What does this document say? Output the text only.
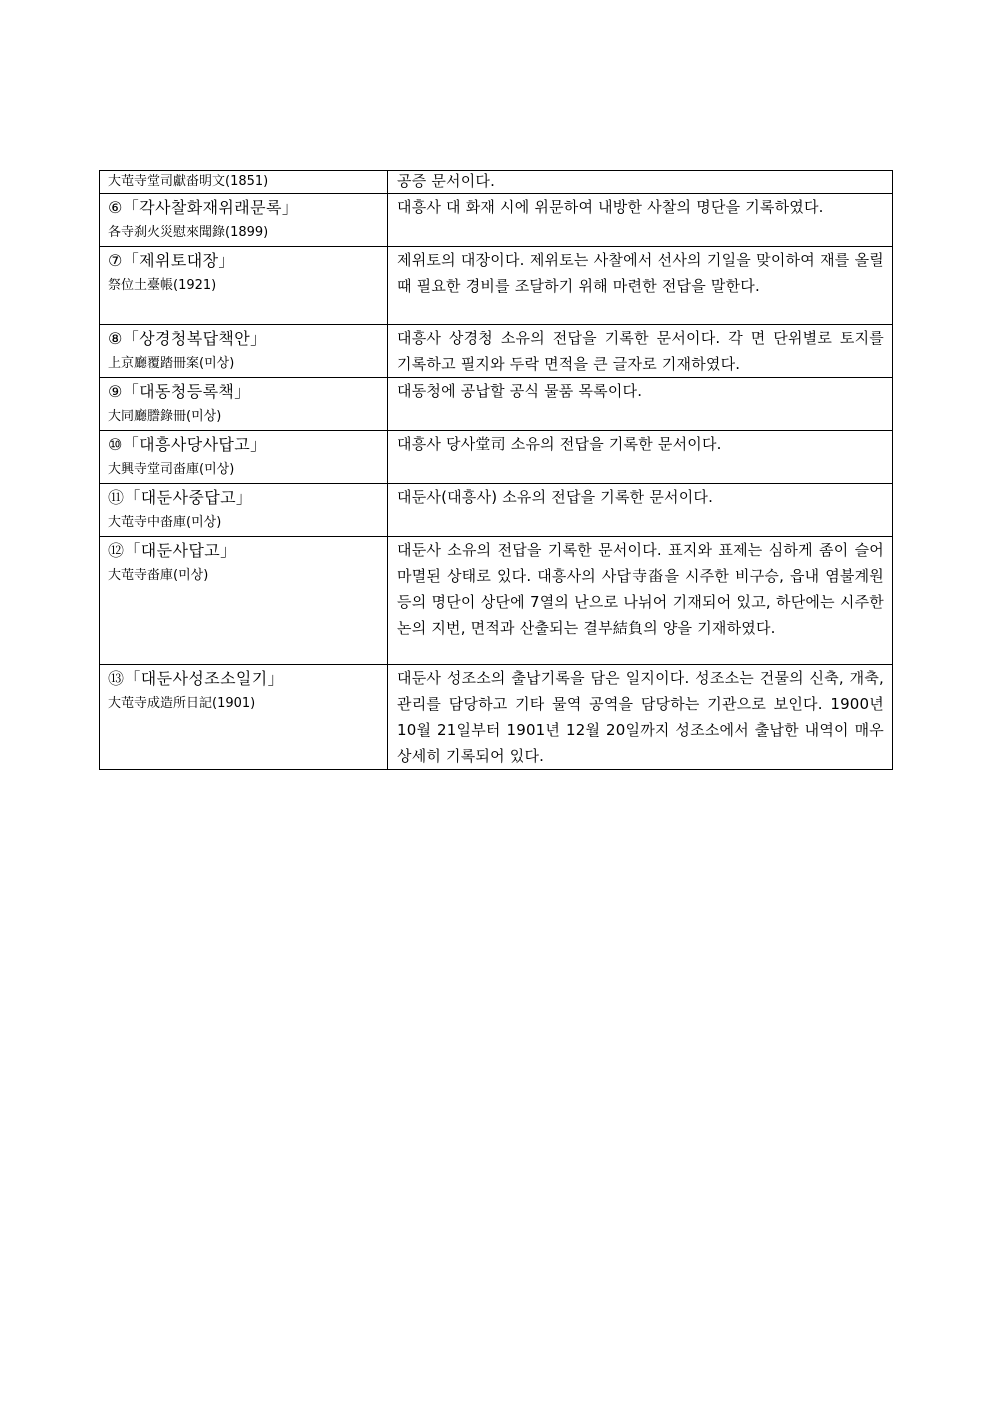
大芚寺堂司獻畓明文(1851)	공증 문서이다.

⑥「각사찰화재위래문록」
各寺刹火災慰來聞錄(1899)	대흥사 대 화재 시에 위문하여 내방한 사찰의 명단을 기록하였다.

⑦「제위토대장」
祭位土臺帳(1921)	제위토의 대장이다. 제위토는 사찰에서 선사의 기일을 맞이하여 재를 올릴 때 필요한 경비를 조달하기 위해 마련한 전답을 말한다.

⑧「상경청복답책안」
上京廳覆踏冊案(미상)	대흥사 상경청 소유의 전답을 기록한 문서이다. 각 면 단위별로 토지를 기록하고 필지와 두락 면적을 큰 글자로 기재하였다.

⑨「대동청등록책」
大同廳謄錄冊(미상)	대동청에 공납할 공식 물품 목록이다.

⑩「대흥사당사답고」
大興寺堂司畓庫(미상)	대흥사 당사堂司 소유의 전답을 기록한 문서이다.

⑪「대둔사중답고」
大芚寺中畓庫(미상)	대둔사(대흥사) 소유의 전답을 기록한 문서이다.

⑫「대둔사답고」
大芚寺畓庫(미상)	대둔사 소유의 전답을 기록한 문서이다. 표지와 표제는 심하게 좀이 슬어 마멸된 상태로 있다. 대흥사의 사답寺畓을 시주한 비구승, 읍내 염불계원 등의 명단이 상단에 7열의 난으로 나뉘어 기재되어 있고, 하단에는 시주한 논의 지번, 면적과 산출되는 결부結負의 양을 기재하였다.

⑬「대둔사성조소일기」
大芚寺成造所日記(1901)	대둔사 성조소의 출납기록을 담은 일지이다. 성조소는 건물의 신축, 개축, 관리를 담당하고 기타 물역 공역을 담당하는 기관으로 보인다. 1900년 10월 21일부터 1901년 12월 20일까지 성조소에서 출납한 내역이 매우 상세히 기록되어 있다.
